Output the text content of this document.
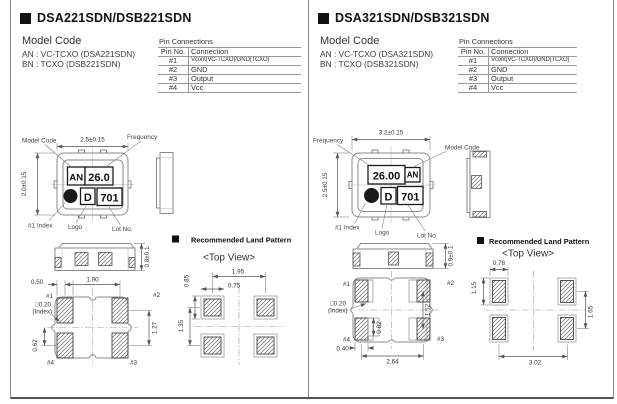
DSA221SDN/DSB221SDN
Model Code
AN : VC-TCXO (DSA221SDN)
BN : TCXO (DSB221SDN)
Pin Connections
Pin No.	Connection
#1	Vcont(VC-TCXO)/GND(TCXO)
#2	GND
#3	Output
#4	Vcc
AN 26.0
D 701
2.5±0.15
2.0±0.15
Model Code	Frequency
#1 Index Logo	Lot No.
0.8±0.1
#1	#2
#3
#4
□0.20
(Index)
1.90
0.50
1.27
0.62
Recommended Land Pattern
<Top View>
1.95
0.75
0.85
1.35
DSA321SDN/DSB321SDN
Model Code
AN : VC-TCXO (DSA321SDN)
BN : TCXO (DSB321SDN)
Pin Connections
Pin No.	Connection
#1	Vcont(VC-TCXO)/GND(TCXO)
#2	GND
#3	Output
#4	Vcc
26.00 AN
D 701
3.2±0.15
2.5±0.15
Frequency
Model Code
#1 Index
Logo	Lot No.
0.9±0.1
#1	#2
#3
#4
□0.20
(Index)	1.52
0.82
0.40
2.64
Recommended Land Pattern
<Top View>
0.78
1.15
1.65
3.02
